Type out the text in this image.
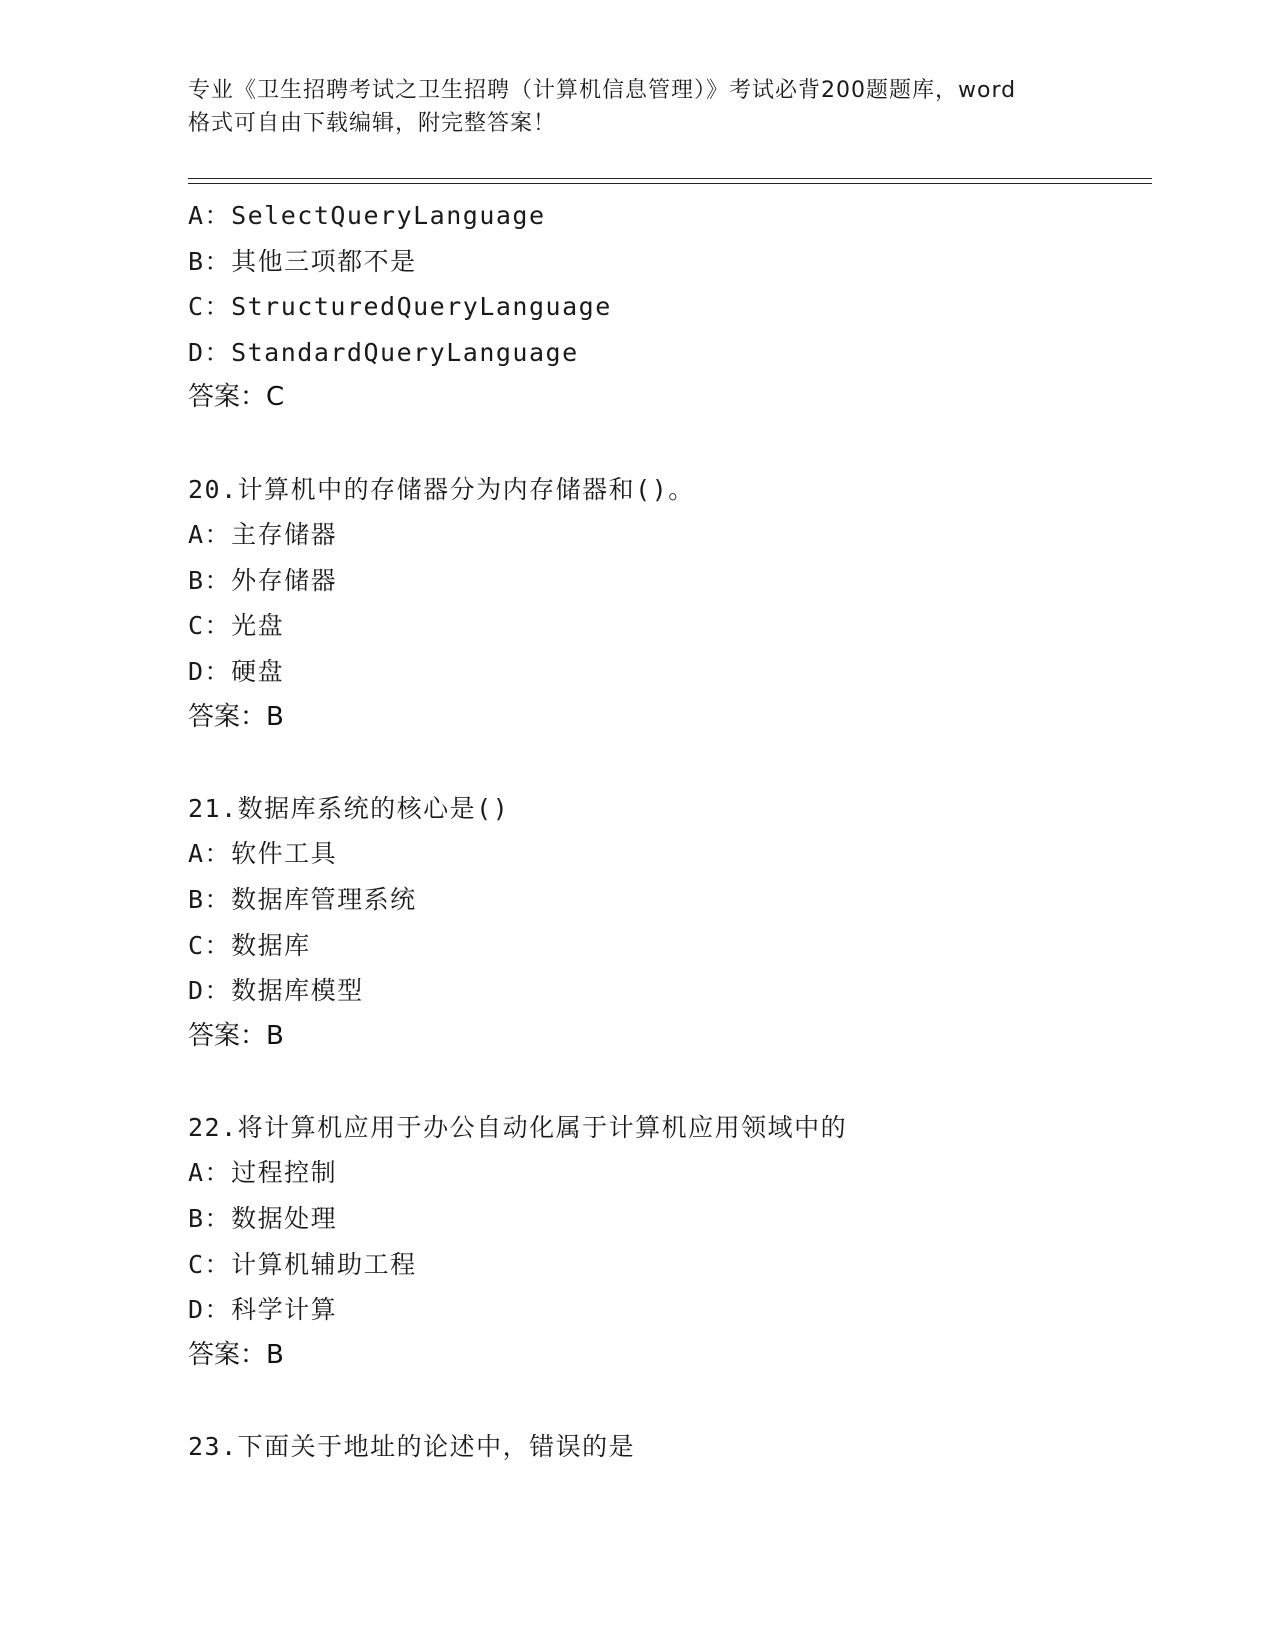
专业《卫生招聘考试之卫生招聘（计算机信息管理）》考试必背200题题库，word
格式可自由下载编辑，附完整答案！
A：SelectQueryLanguage
B：其他三项都不是
C：StructuredQueryLanguage
D：StandardQueryLanguage
答案：C
20.计算机中的存储器分为内存储器和()。
A：主存储器
B：外存储器
C：光盘
D：硬盘
答案：B
21.数据库系统的核心是()
A：软件工具
B：数据库管理系统
C：数据库
D：数据库模型
答案：B
22.将计算机应用于办公自动化属于计算机应用领域中的
A：过程控制
B：数据处理
C：计算机辅助工程
D：科学计算
答案：B
23.下面关于地址的论述中，错误的是
